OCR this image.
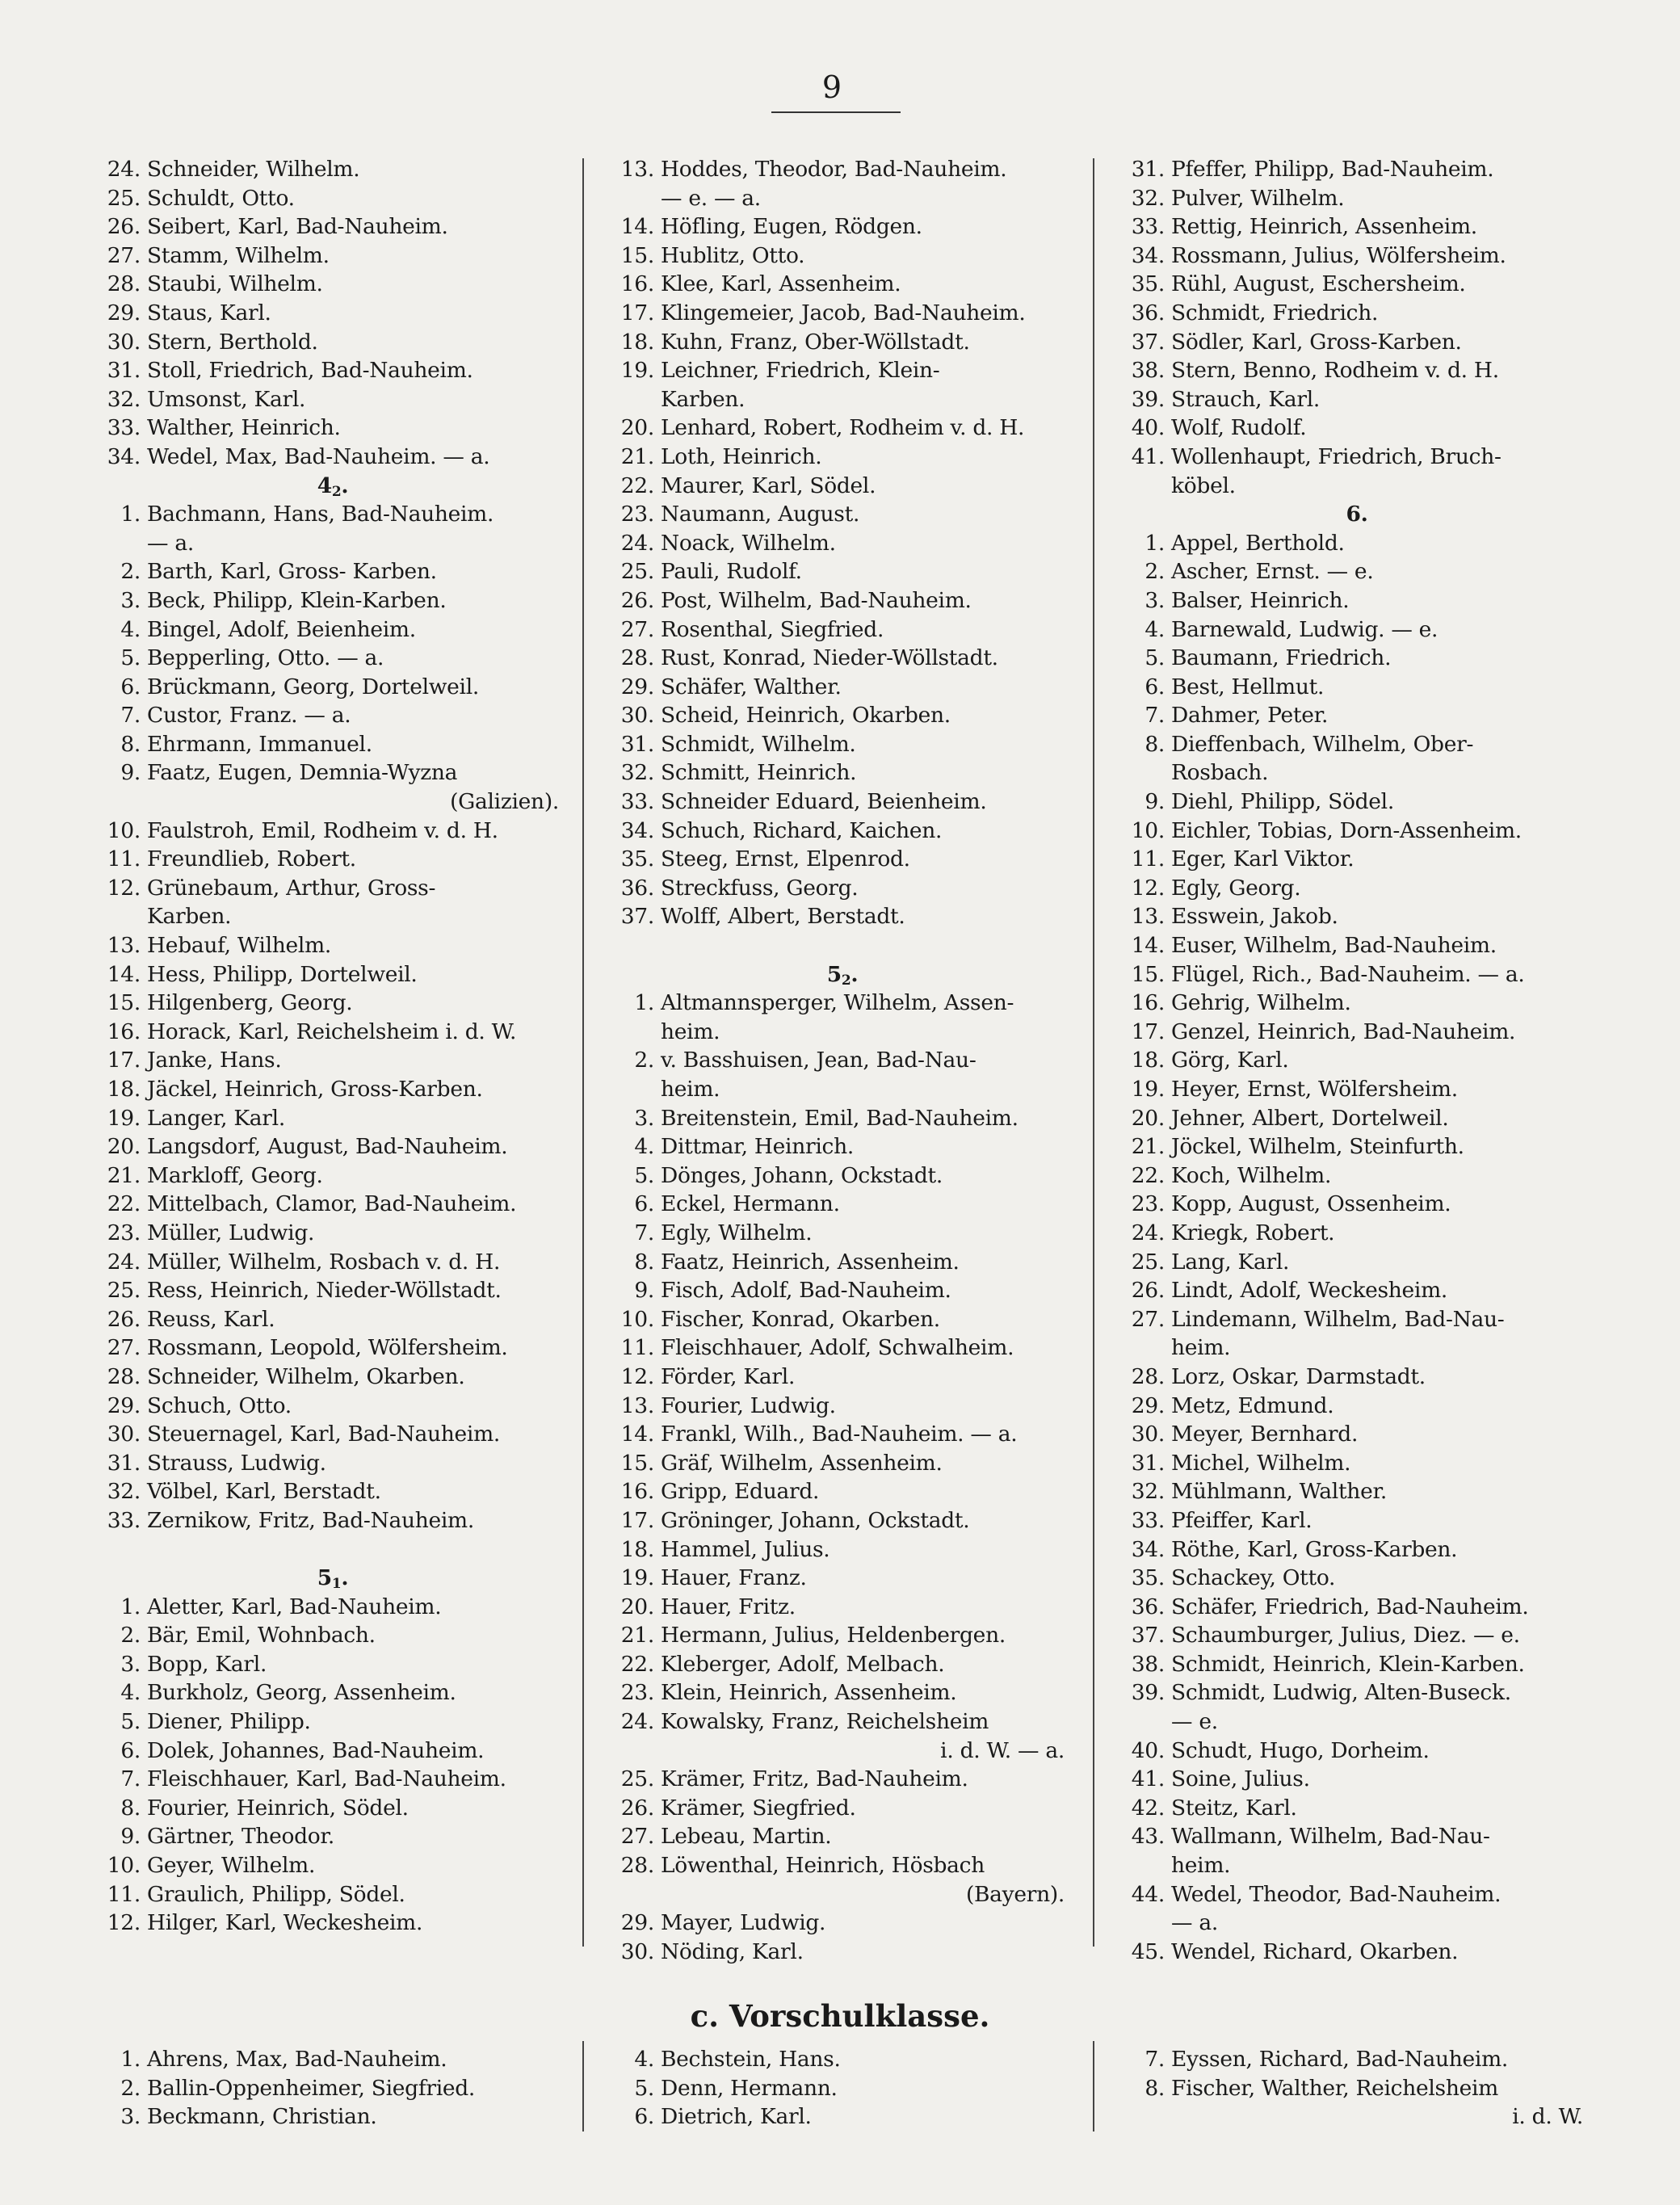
9
24. Schneider, Wilhelm.
25. Schuldt, Otto.
26. Seibert, Karl, Bad-Nauheim.
27. Stamm, Wilhelm.
28. Staubi, Wilhelm.
29. Staus, Karl.
30. Stern, Berthold.
31. Stoll, Friedrich, Bad-Nauheim.
32. Umsonst, Karl.
33. Walther, Heinrich.
34. Wedel, Max, Bad-Nauheim. — a.
$4_2$.
1. Bachmann, Hans, Bad-Nauheim.
— a.
2. Barth, Karl, Gross- Karben.
3. Beck, Philipp, Klein-Karben.
4. Bingel, Adolf, Beienheim.
5. Bepperling, Otto. — a.
6. Brückmann, Georg, Dortelweil.
7. Custor, Franz. — a.
8. Ehrmann, Immanuel.
9. Faatz, Eugen, Demnia-Wyzna
(Galizien).
10. Faulstroh, Emil, Rodheim v. d. H.
11. Freundlieb, Robert.
12. Grünebaum, Arthur, Gross-
Karben.
13. Hebauf, Wilhelm.
14. Hess, Philipp, Dortelweil.
15. Hilgenberg, Georg.
16. Horack, Karl, Reichelsheim i. d. W.
17. Janke, Hans.
18. Jäckel, Heinrich, Gross-Karben.
19. Langer, Karl.
20. Langsdorf, August, Bad-Nauheim.
21. Markloff, Georg.
22. Mittelbach, Clamor, Bad-Nauheim.
23. Müller, Ludwig.
24. Müller, Wilhelm, Rosbach v. d. H.
25. Ress, Heinrich, Nieder-Wöllstadt.
26. Reuss, Karl.
27. Rossmann, Leopold, Wölfersheim.
28. Schneider, Wilhelm, Okarben.
29. Schuch, Otto.
30. Steuernagel, Karl, Bad-Nauheim.
31. Strauss, Ludwig.
32. Völbel, Karl, Berstadt.
33. Zernikow, Fritz, Bad-Nauheim.
$5_1$.
1. Aletter, Karl, Bad-Nauheim.
2. Bär, Emil, Wohnbach.
3. Bopp, Karl.
4. Burkholz, Georg, Assenheim.
5. Diener, Philipp.
6. Dolek, Johannes, Bad-Nauheim.
7. Fleischhauer, Karl, Bad-Nauheim.
8. Fourier, Heinrich, Södel.
9. Gärtner, Theodor.
10. Geyer, Wilhelm.
11. Graulich, Philipp, Södel.
12. Hilger, Karl, Weckesheim.
13. Hoddes, Theodor, Bad-Nauheim.
— e. — a.
14. Höfling, Eugen, Rödgen.
15. Hublitz, Otto.
16. Klee, Karl, Assenheim.
17. Klingemeier, Jacob, Bad-Nauheim.
18. Kuhn, Franz, Ober-Wöllstadt.
19. Leichner, Friedrich, Klein-
Karben.
20. Lenhard, Robert, Rodheim v. d. H.
21. Loth, Heinrich.
22. Maurer, Karl, Södel.
23. Naumann, August.
24. Noack, Wilhelm.
25. Pauli, Rudolf.
26. Post, Wilhelm, Bad-Nauheim.
27. Rosenthal, Siegfried.
28. Rust, Konrad, Nieder-Wöllstadt.
29. Schäfer, Walther.
30. Scheid, Heinrich, Okarben.
31. Schmidt, Wilhelm.
32. Schmitt, Heinrich.
33. Schneider Eduard, Beienheim.
34. Schuch, Richard, Kaichen.
35. Steeg, Ernst, Elpenrod.
36. Streckfuss, Georg.
37. Wolff, Albert, Berstadt.
$5_2$.
1. Altmannsperger, Wilhelm, Assen-
heim.
2. v. Basshuisen, Jean, Bad-Nau-
heim.
3. Breitenstein, Emil, Bad-Nauheim.
4. Dittmar, Heinrich.
5. Dönges, Johann, Ockstadt.
6. Eckel, Hermann.
7. Egly, Wilhelm.
8. Faatz, Heinrich, Assenheim.
9. Fisch, Adolf, Bad-Nauheim.
10. Fischer, Konrad, Okarben.
11. Fleischhauer, Adolf, Schwalheim.
12. Förder, Karl.
13. Fourier, Ludwig.
14. Frankl, Wilh., Bad-Nauheim. — a.
15. Gräf, Wilhelm, Assenheim.
16. Gripp, Eduard.
17. Gröninger, Johann, Ockstadt.
18. Hammel, Julius.
19. Hauer, Franz.
20. Hauer, Fritz.
21. Hermann, Julius, Heldenbergen.
22. Kleberger, Adolf, Melbach.
23. Klein, Heinrich, Assenheim.
24. Kowalsky, Franz, Reichelsheim
i. d. W. — a.
25. Krämer, Fritz, Bad-Nauheim.
26. Krämer, Siegfried.
27. Lebeau, Martin.
28. Löwenthal, Heinrich, Hösbach
(Bayern).
29. Mayer, Ludwig.
30. Nöding, Karl.
31. Pfeffer, Philipp, Bad-Nauheim.
32. Pulver, Wilhelm.
33. Rettig, Heinrich, Assenheim.
34. Rossmann, Julius, Wölfersheim.
35. Rühl, August, Eschersheim.
36. Schmidt, Friedrich.
37. Södler, Karl, Gross-Karben.
38. Stern, Benno, Rodheim v. d. H.
39. Strauch, Karl.
40. Wolf, Rudolf.
41. Wollenhaupt, Friedrich, Bruch-
köbel.
6.
1. Appel, Berthold.
2. Ascher, Ernst. — e.
3. Balser, Heinrich.
4. Barnewald, Ludwig. — e.
5. Baumann, Friedrich.
6. Best, Hellmut.
7. Dahmer, Peter.
8. Dieffenbach, Wilhelm, Ober-
Rosbach.
9. Diehl, Philipp, Södel.
10. Eichler, Tobias, Dorn-Assenheim.
11. Eger, Karl Viktor.
12. Egly, Georg.
13. Esswein, Jakob.
14. Euser, Wilhelm, Bad-Nauheim.
15. Flügel, Rich., Bad-Nauheim. — a.
16. Gehrig, Wilhelm.
17. Genzel, Heinrich, Bad-Nauheim.
18. Görg, Karl.
19. Heyer, Ernst, Wölfersheim.
20. Jehner, Albert, Dortelweil.
21. Jöckel, Wilhelm, Steinfurth.
22. Koch, Wilhelm.
23. Kopp, August, Ossenheim.
24. Kriegk, Robert.
25. Lang, Karl.
26. Lindt, Adolf, Weckesheim.
27. Lindemann, Wilhelm, Bad-Nau-
heim.
28. Lorz, Oskar, Darmstadt.
29. Metz, Edmund.
30. Meyer, Bernhard.
31. Michel, Wilhelm.
32. Mühlmann, Walther.
33. Pfeiffer, Karl.
34. Röthe, Karl, Gross-Karben.
35. Schackey, Otto.
36. Schäfer, Friedrich, Bad-Nauheim.
37. Schaumburger, Julius, Diez. — e.
38. Schmidt, Heinrich, Klein-Karben.
39. Schmidt, Ludwig, Alten-Buseck.
— e.
40. Schudt, Hugo, Dorheim.
41. Soine, Julius.
42. Steitz, Karl.
43. Wallmann, Wilhelm, Bad-Nau-
heim.
44. Wedel, Theodor, Bad-Nauheim.
— a.
45. Wendel, Richard, Okarben.
c. Vorschulklasse.
1. Ahrens, Max, Bad-Nauheim.
2. Ballin-Oppenheimer, Siegfried.
3. Beckmann, Christian.
4. Bechstein, Hans.
5. Denn, Hermann.
6. Dietrich, Karl.
7. Eyssen, Richard, Bad-Nauheim.
8. Fischer, Walther, Reichelsheim
i. d. W.
